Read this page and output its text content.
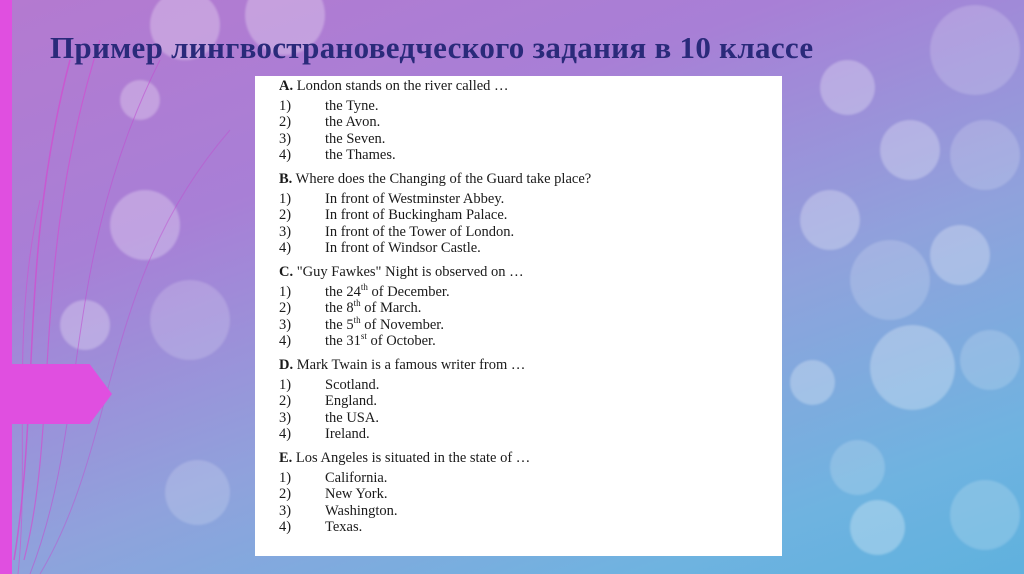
Пример лингвострановедческого задания в 10 классе
A. London stands on the river called …
1)	the Tyne.
2)	the Avon.
3)	the Seven.
4)	the Thames.
B. Where does the Changing of the Guard take place?
1)	In front of Westminster Abbey.
2)	In front of Buckingham Palace.
3)	In front of the Tower of London.
4)	In front of Windsor Castle.
C. "Guy Fawkes" Night is observed on …
1)	the 24th of December.
2)	the 8th of March.
3)	the 5th of November.
4)	the 31st of October.
D. Mark Twain is a famous writer from …
1)	Scotland.
2)	England.
3)	the USA.
4)	Ireland.
E. Los Angeles is situated in the state of …
1)	California.
2)	New York.
3)	Washington.
4)	Texas.
